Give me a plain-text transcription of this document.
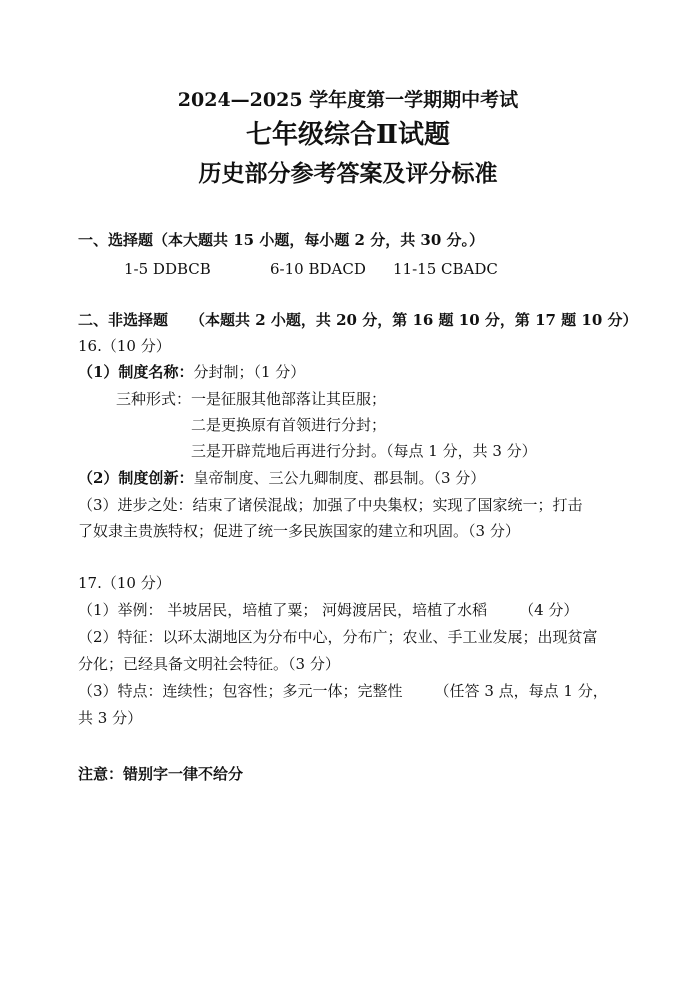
2024—2025 学年度第一学期期中考试
七年级综合Ⅱ试题
历史部分参考答案及评分标准
一、选择题（本大题共 15 小题，每小题 2 分，共 30 分。）
1-5 DDBCB	6-10 BDACD 11-15 CBADC
二、非选择题 （本题共 2 小题，共 20 分，第 16 题 10 分，第 17 题 10 分）
16.（10 分）
（1）制度名称：分封制；（1 分）
三种形式：一是征服其他部落让其臣服；
二是更换原有首领进行分封；
三是开辟荒地后再进行分封。（每点 1 分，共 3 分）
（2）制度创新：皇帝制度、三公九卿制度、郡县制。（3 分）
（3）进步之处：结束了诸侯混战；加强了中央集权；实现了国家统一；打击
了奴隶主贵族特权；促进了统一多民族国家的建立和巩固。（3 分）
17.（10 分）
（1）举例： 半坡居民，培植了粟； 河姆渡居民，培植了水稻 （4 分）
（2）特征：以环太湖地区为分布中心，分布广；农业、手工业发展；出现贫富
分化；已经具备文明社会特征。（3 分）
（3）特点：连续性；包容性；多元一体；完整性 （任答 3 点，每点 1 分，
共 3 分）
注意：错别字一律不给分
